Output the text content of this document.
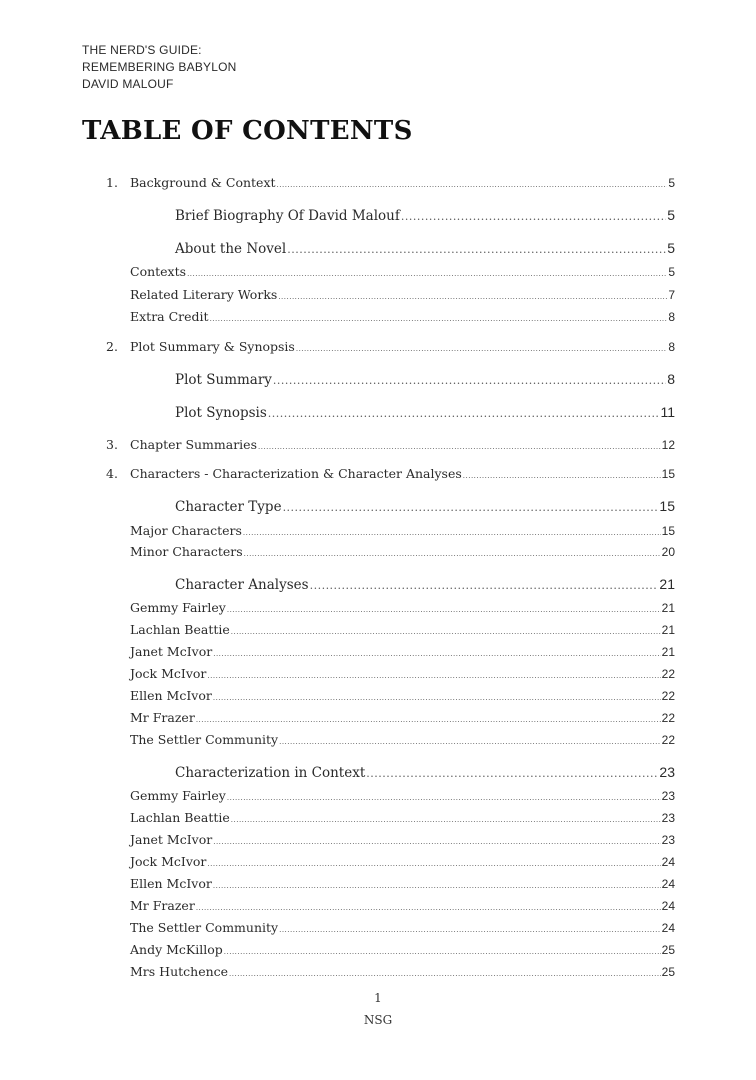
THE NERD'S GUIDE:
REMEMBERING BABYLON
DAVID MALOUF
TABLE OF CONTENTS
1. Background & Context .....	5
Brief Biography Of David Malouf .....	5
About the Novel .....	5
Contexts .....	5
Related Literary Works .....	7
Extra Credit .....	8
2. Plot Summary & Synopsis .....	8
Plot Summary .....	8
Plot Synopsis .....	11
3. Chapter Summaries .....	12
4. Characters - Characterization & Character Analyses .....	15
Character Type .....	15
Major Characters .....	15
Minor Characters .....	20
Character Analyses .....	21
Gemmy Fairley .....	21
Lachlan Beattie .....	21
Janet McIvor .....	21
Jock McIvor .....	22
Ellen McIvor .....	22
Mr Frazer .....	22
The Settler Community .....	22
Characterization in Context .....	23
Gemmy Fairley .....	23
Lachlan Beattie .....	23
Janet McIvor .....	23
Jock McIvor .....	24
Ellen McIvor .....	24
Mr Frazer .....	24
The Settler Community .....	24
Andy McKillop .....	25
Mrs Hutchence .....	25
1
NSG
